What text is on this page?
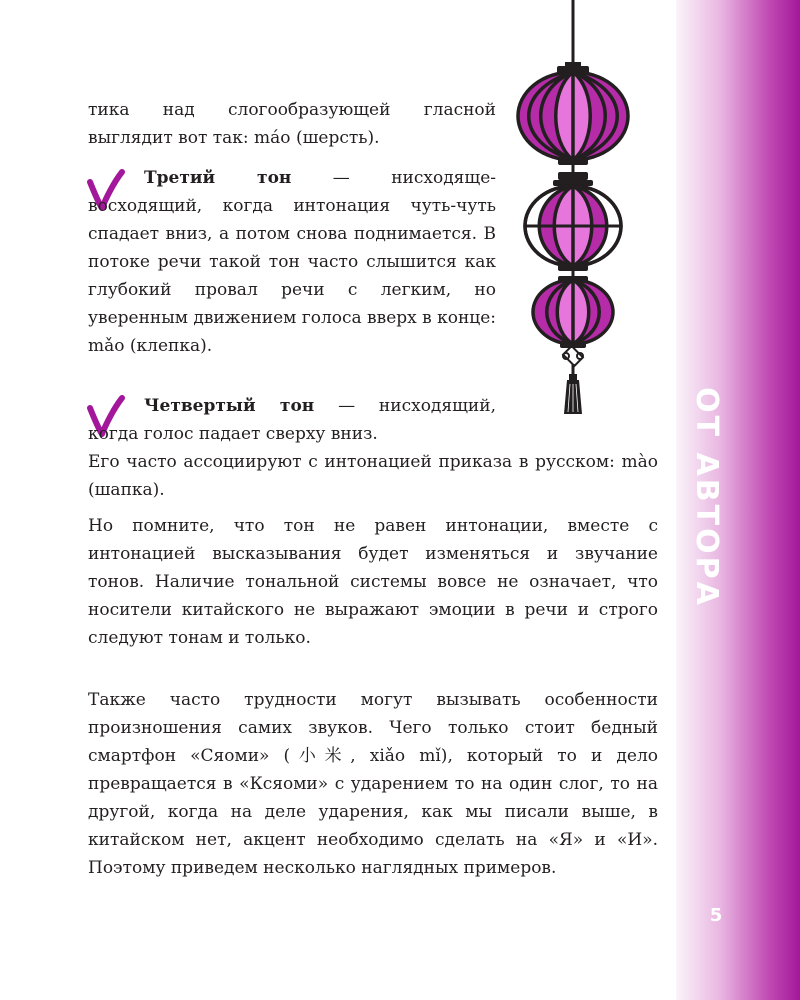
ОТ АВТОРА
5

тика над слогообразующей гласной выглядит вот так: máo (шерсть).

Третий тон — нисходяще-восходящий, когда интонация чуть-чуть спадает вниз, а потом снова поднимается. В потоке речи такой тон часто слышится как глубокий провал речи с легким, но уверенным движением голоса вверх в конце: mǎo (клепка).

Четвертый тон — нисходящий, когда голос падает сверху вниз.

Его часто ассоциируют с интонацией приказа в русском: mào (шапка).

Но помните, что тон не равен интонации, вместе с интонацией высказывания будет изменяться и звучание тонов. Наличие тональной системы вовсе не означает, что носители китайского не выражают эмоции в речи и строго следуют тонам и только.

Также часто трудности могут вызывать особенности произношения самих звуков. Чего только стоит бедный смартфон «Сяоми» (小米, xiǎo mǐ), который то и дело превращается в «Ксяоми» с ударением то на один слог, то на другой, когда на деле ударения, как мы писали выше, в китайском нет, акцент необходимо сделать на «Я» и «И». Поэтому приведем несколько наглядных примеров.
